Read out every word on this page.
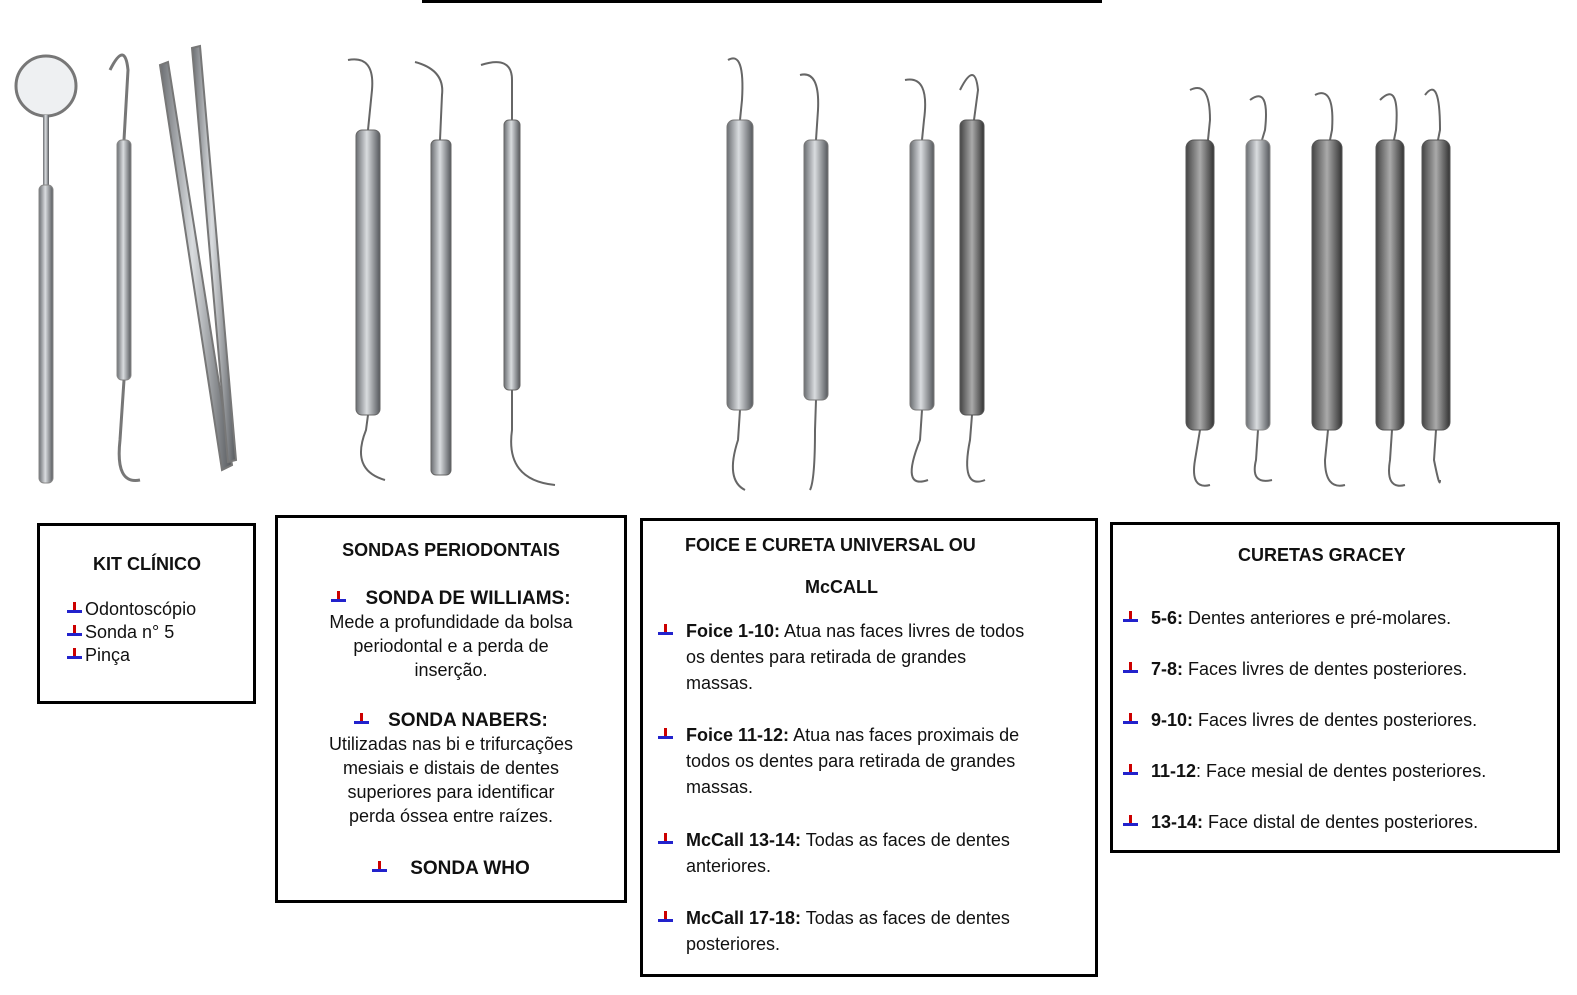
KIT CLÍNICO
Odontoscópio
Sonda n° 5
Pinça
SONDAS PERIODONTAIS
SONDA DE WILLIAMS:
Mede a profundidade da bolsa
periodontal e a perda de
inserção.
SONDA NABERS:
Utilizadas nas bi e trifurcações
mesiais e distais de dentes
superiores para identificar
perda óssea entre raízes.
SONDA WHO
FOICE E CURETA UNIVERSAL OU
McCALL
Foice 1-10: Atua nas faces livres de todos
os dentes para retirada de grandes
massas.
Foice 11-12: Atua nas faces proximais de
todos os dentes para retirada de grandes
massas.
McCall 13-14: Todas as faces de dentes
anteriores.
McCall 17-18: Todas as faces de dentes
posteriores.
CURETAS GRACEY
5-6: Dentes anteriores e pré-molares.
7-8: Faces livres de dentes posteriores.
9-10: Faces livres de dentes posteriores.
11-12: Face mesial de dentes posteriores.
13-14: Face distal de dentes posteriores.
